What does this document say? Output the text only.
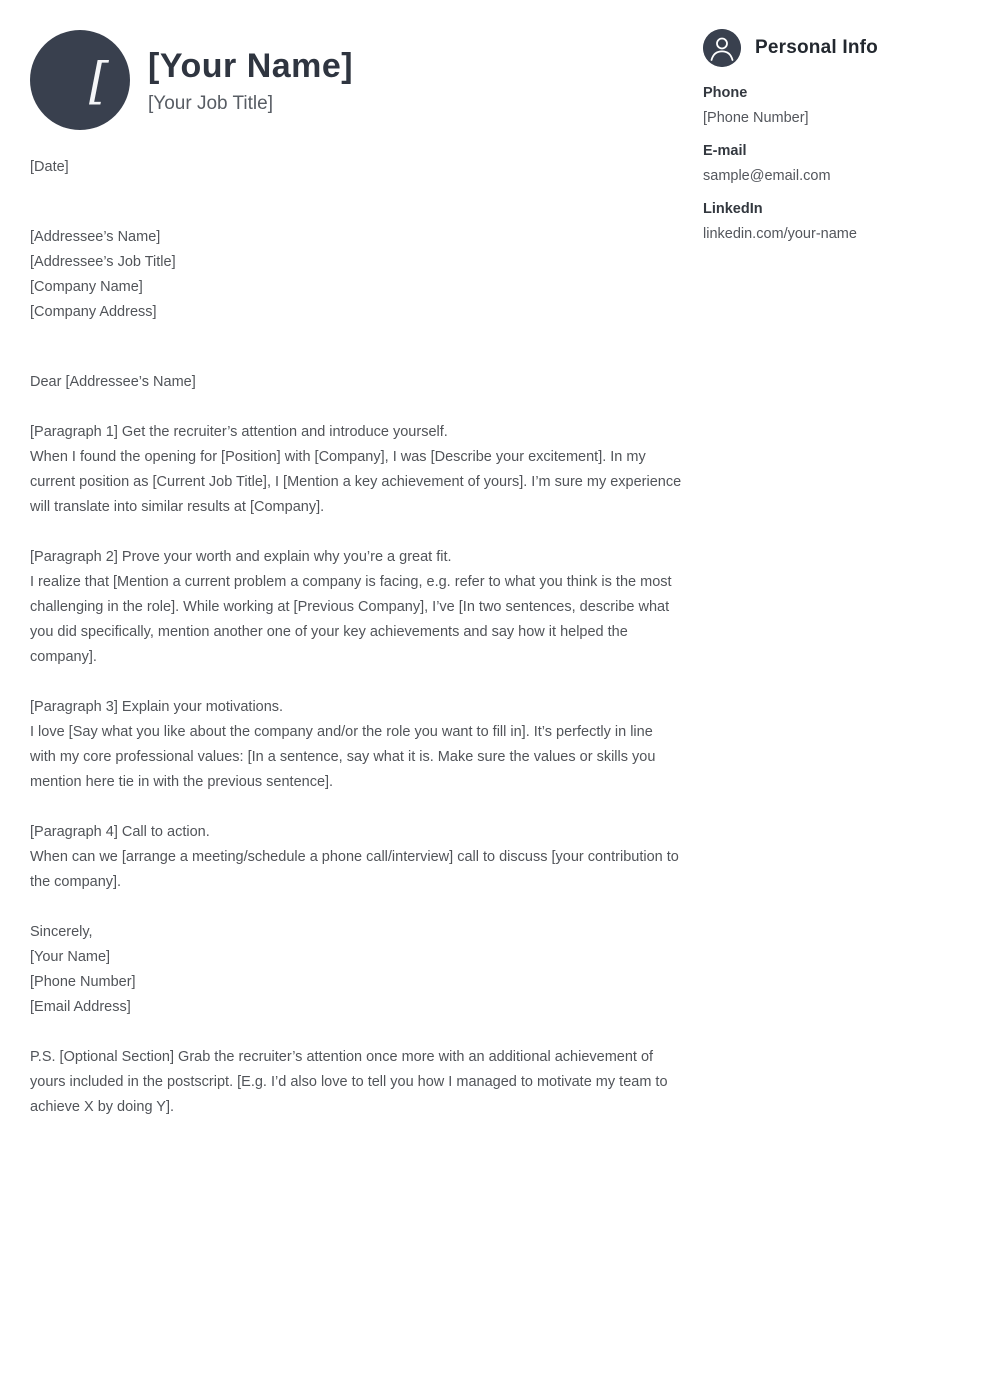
[ [Your Name]
[Your Job Title]
Personal Info
Phone
[Phone Number]
E-mail
sample@email.com
LinkedIn
linkedin.com/your-name

[Date]

[Addressee’s Name]
[Addressee’s Job Title]
[Company Name]
[Company Address]

Dear [Addressee’s Name]

[Paragraph 1] Get the recruiter’s attention and introduce yourself.
When I found the opening for [Position] with [Company], I was [Describe your excitement]. In my current position as [Current Job Title], I [Mention a key achievement of yours]. I’m sure my experience will translate into similar results at [Company].
[Paragraph 2] Prove your worth and explain why you’re a great fit.
I realize that [Mention a current problem a company is facing, e.g. refer to what you think is the most challenging in the role]. While working at [Previous Company], I’ve [In two sentences, describe what you did specifically, mention another one of your key achievements and say how it helped the company].
[Paragraph 3] Explain your motivations.
I love [Say what you like about the company and/or the role you want to fill in]. It’s perfectly in line with my core professional values: [In a sentence, say what it is. Make sure the values or skills you mention here tie in with the previous sentence].
[Paragraph 4] Call to action.
When can we [arrange a meeting/schedule a phone call/interview] call to discuss [your contribution to the company].
Sincerely,
[Your Name]
[Phone Number]
[Email Address]

P.S. [Optional Section] Grab the recruiter’s attention once more with an additional achievement of yours included in the postscript. [E.g. I’d also love to tell you how I managed to motivate my team to achieve X by doing Y].
